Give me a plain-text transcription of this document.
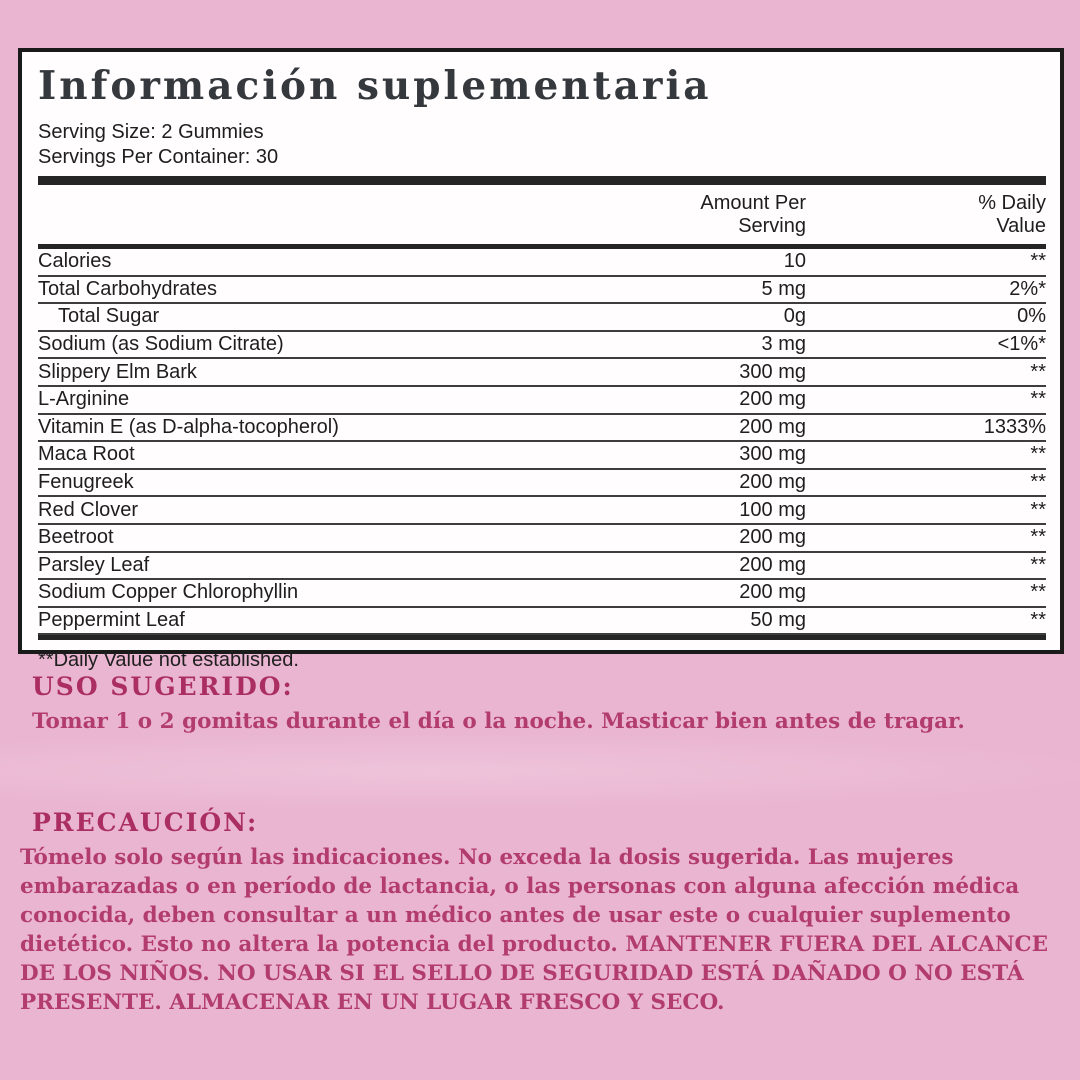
Información suplementaria
Serving Size: 2 Gummies
Servings Per Container: 30
Amount Per
Serving
% Daily
Value
Calories	10	**
Total Carbohydrates	5 mg	2%*
Total Sugar	0g	0%
Sodium (as Sodium Citrate)	3 mg	<1%*
Slippery Elm Bark	300 mg	**
L-Arginine	200 mg	**
Vitamin E (as D-alpha-tocopherol)	200 mg	1333%
Maca Root	300 mg	**
Fenugreek	200 mg	**
Red Clover	100 mg	**
Beetroot	200 mg	**
Parsley Leaf	200 mg	**
Sodium Copper Chlorophyllin	200 mg	**
Peppermint Leaf	50 mg	**
**Daily Value not established.
USO SUGERIDO:
Tomar 1 o 2 gomitas durante el día o la noche. Masticar bien antes de tragar.
PRECAUCIÓN:
Tómelo solo según las indicaciones. No exceda la dosis sugerida. Las mujeres embarazadas o en período de lactancia, o las personas con alguna afección médica conocida, deben consultar a un médico antes de usar este o cualquier suplemento dietético. Esto no altera la potencia del producto. MANTENER FUERA DEL ALCANCE DE LOS NIÑOS. NO USAR SI EL SELLO DE SEGURIDAD ESTÁ DAÑADO O NO ESTÁ PRESENTE. ALMACENAR EN UN LUGAR FRESCO Y SECO.
